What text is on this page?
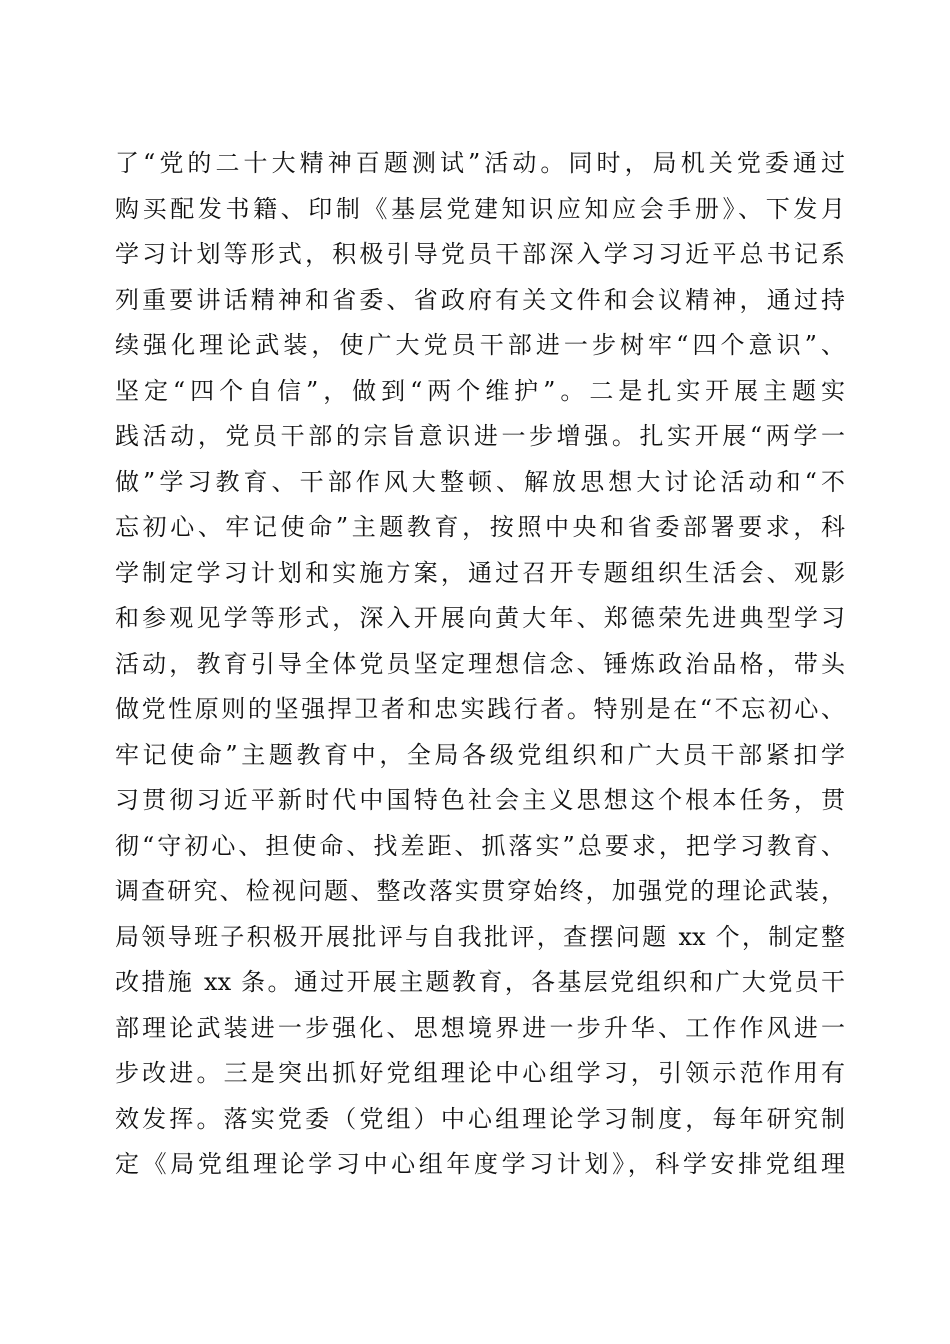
了“党的二十大精神百题测试”活动。同时，局机关党委通过
购买配发书籍、印制《基层党建知识应知应会手册》、下发月
学习计划等形式，积极引导党员干部深入学习习近平总书记系
列重要讲话精神和省委、省政府有关文件和会议精神，通过持
续强化理论武装，使广大党员干部进一步树牢“四个意识”、
坚定“四个自信”，做到“两个维护”。二是扎实开展主题实
践活动，党员干部的宗旨意识进一步增强。扎实开展“两学一
做”学习教育、干部作风大整顿、解放思想大讨论活动和“不
忘初心、牢记使命”主题教育，按照中央和省委部署要求，科
学制定学习计划和实施方案，通过召开专题组织生活会、观影
和参观见学等形式，深入开展向黄大年、郑德荣先进典型学习
活动，教育引导全体党员坚定理想信念、锤炼政治品格，带头
做党性原则的坚强捍卫者和忠实践行者。特别是在“不忘初心、
牢记使命”主题教育中，全局各级党组织和广大员干部紧扣学
习贯彻习近平新时代中国特色社会主义思想这个根本任务，贯
彻“守初心、担使命、找差距、抓落实”总要求，把学习教育、
调查研究、检视问题、整改落实贯穿始终，加强党的理论武装，
局领导班子积极开展批评与自我批评，查摆问题 xx 个，制定整
改措施 xx 条。通过开展主题教育，各基层党组织和广大党员干
部理论武装进一步强化、思想境界进一步升华、工作作风进一
步改进。三是突出抓好党组理论中心组学习，引领示范作用有
效发挥。落实党委（党组）中心组理论学习制度，每年研究制
定《局党组理论学习中心组年度学习计划》，科学安排党组理
